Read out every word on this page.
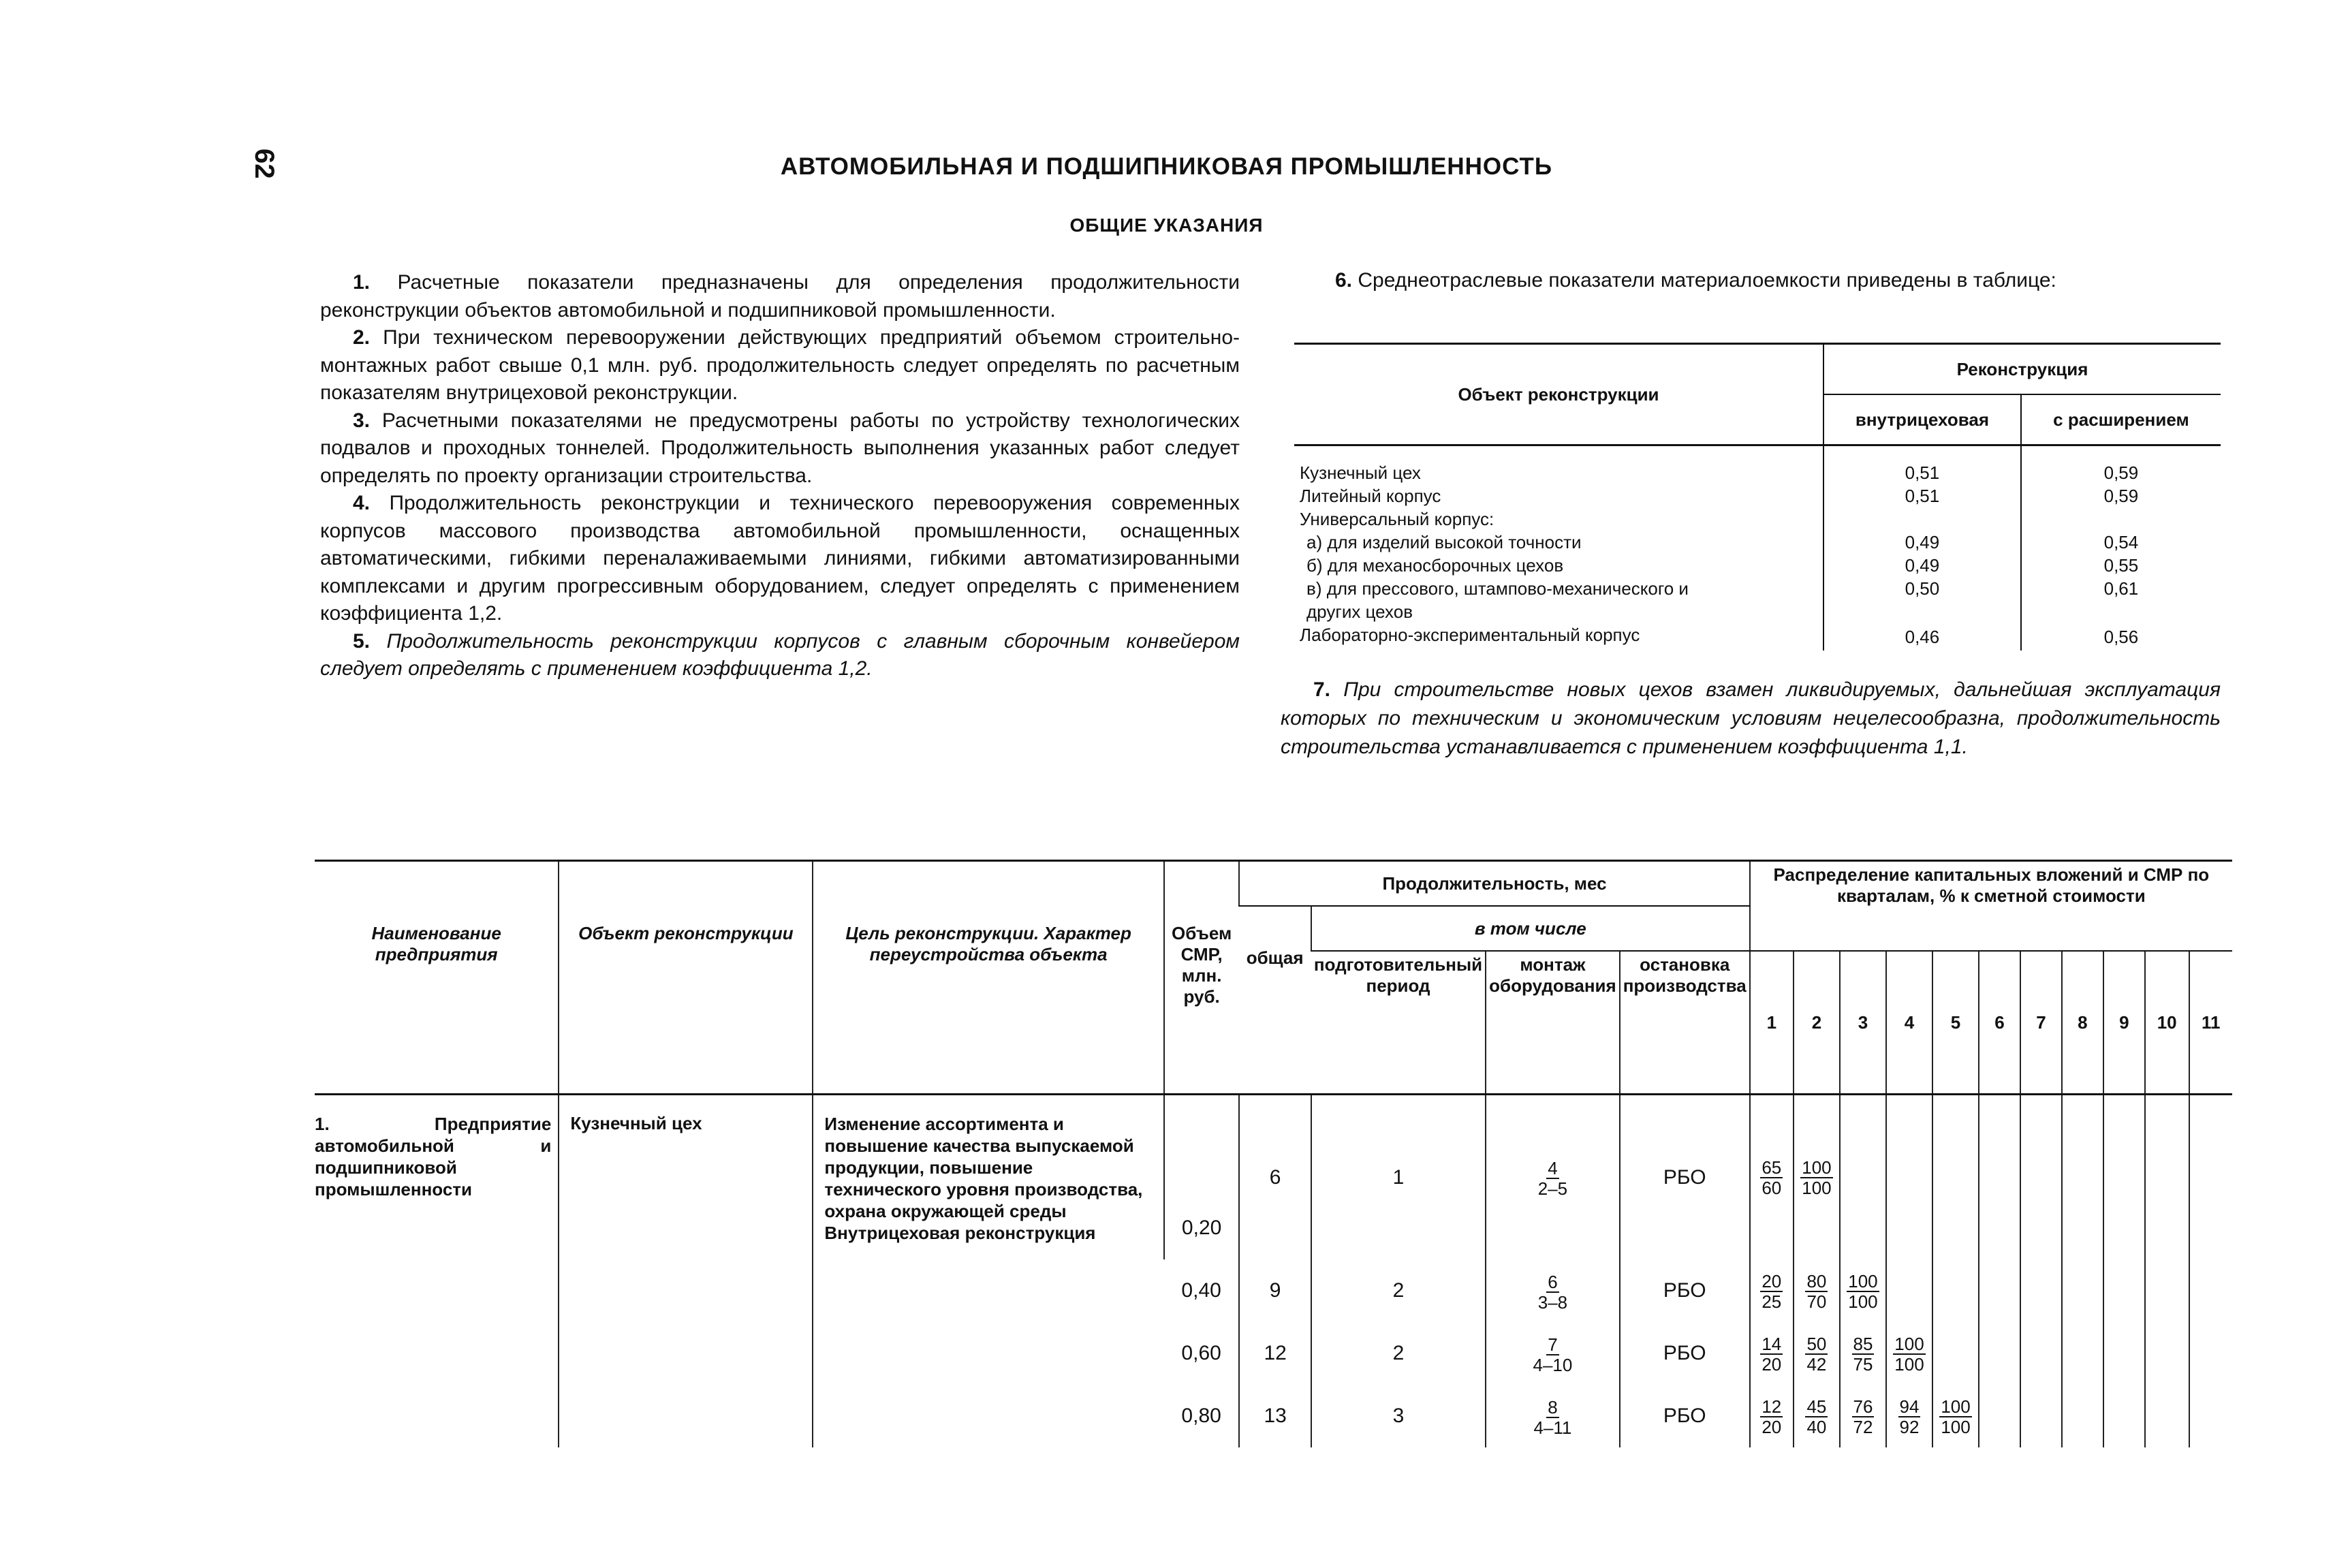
62	АВТОМОБИЛЬНАЯ И ПОДШИПНИКОВАЯ ПРОМЫШЛЕННОСТЬ
ОБЩИЕ УКАЗАНИЯ

1. Расчетные показатели предназначены для определения продолжительности реконструкции объектов автомобильной и подшипниковой промышленности.

2. При техническом перевооружении действующих предприятий объемом строительно-монтажных работ свыше 0,1 млн. руб. продолжительность следует определять по расчетным показателям внутрицеховой реконструкции.

3. Расчетными показателями не предусмотрены работы по устройству технологических подвалов и проходных тоннелей. Продолжительность выполнения указанных работ следует определять по проекту организации строительства.

4. Продолжительность реконструкции и технического перевооружения современных корпусов массового производства автомобильной промышленности, оснащенных автоматическими, гибкими переналаживаемыми линиями, гибкими автоматизированными комплексами и другим прогрессивным оборудованием, следует определять с применением коэффициента 1,2.

5. Продолжительность реконструкции корпусов с главным сборочным конвейером следует определять с применением коэффициента 1,2.

6. Среднеотраслевые показатели материалоемкости приведены в таблице:
Объект реконструкции	Реконструкция	
	внутрицеховая	с расширением
Кузнечный цех	0,51	0,59
Литейный корпус	0,51	0,59
Универсальный корпус:		
а) для изделий высокой точности	0,49	0,54
б) для механосборочных цехов	0,49	0,55
в) для прессового, штампово-механического и других цехов	0,50	0,61
Лабораторно-экспериментальный корпус	0,46	0,56

7. При строительстве новых цехов взамен ликвидируемых, дальнейшая эксплуатация которых по техническим и экономическим условиям нецелесообразна, продолжительность строительства устанавливается с применением коэффициента 1,1.

Наименование предприятия	Объект реконструкции	Цель реконструкции. Характер переустройства объекта	Объем СМР, млн. руб.	Продолжительность, мес				Распределение капитальных вложений и СМР по кварталам, % к сметной стоимости										
				общая	в том числе													
					подготовительный период	монтаж оборудования	остановка производства	1	2	3	4	5	6	7	8	9	10	11
1. Предприятие автомобильной и подшипниковой промышленности	Кузнечный цех	Изменение ассортимента и повышение качества выпускаемой продукции, повышение технического уровня производства, охрана окружающей среды Внутрицеховая реконструкция	0,20	6	1	$\frac{4}{2-5}$	РБО	$\frac{65}{60}$	$\frac{100}{100}$

			0,40	9	2	$\frac{6}{3-8}$	РБО	$\frac{20}{25}$	$\frac{80}{70}$	$\frac{100}{100}$

			0,60	12	2	$\frac{7}{4-10}$	РБО	$\frac{14}{20}$	$\frac{50}{42}$	$\frac{85}{75}$	$\frac{100}{100}$

			0,80	13	3	$\frac{8}{4-11}$	РБО	$\frac{12}{20}$	$\frac{45}{40}$	$\frac{76}{72}$	$\frac{94}{92}$	$\frac{100}{100}$
